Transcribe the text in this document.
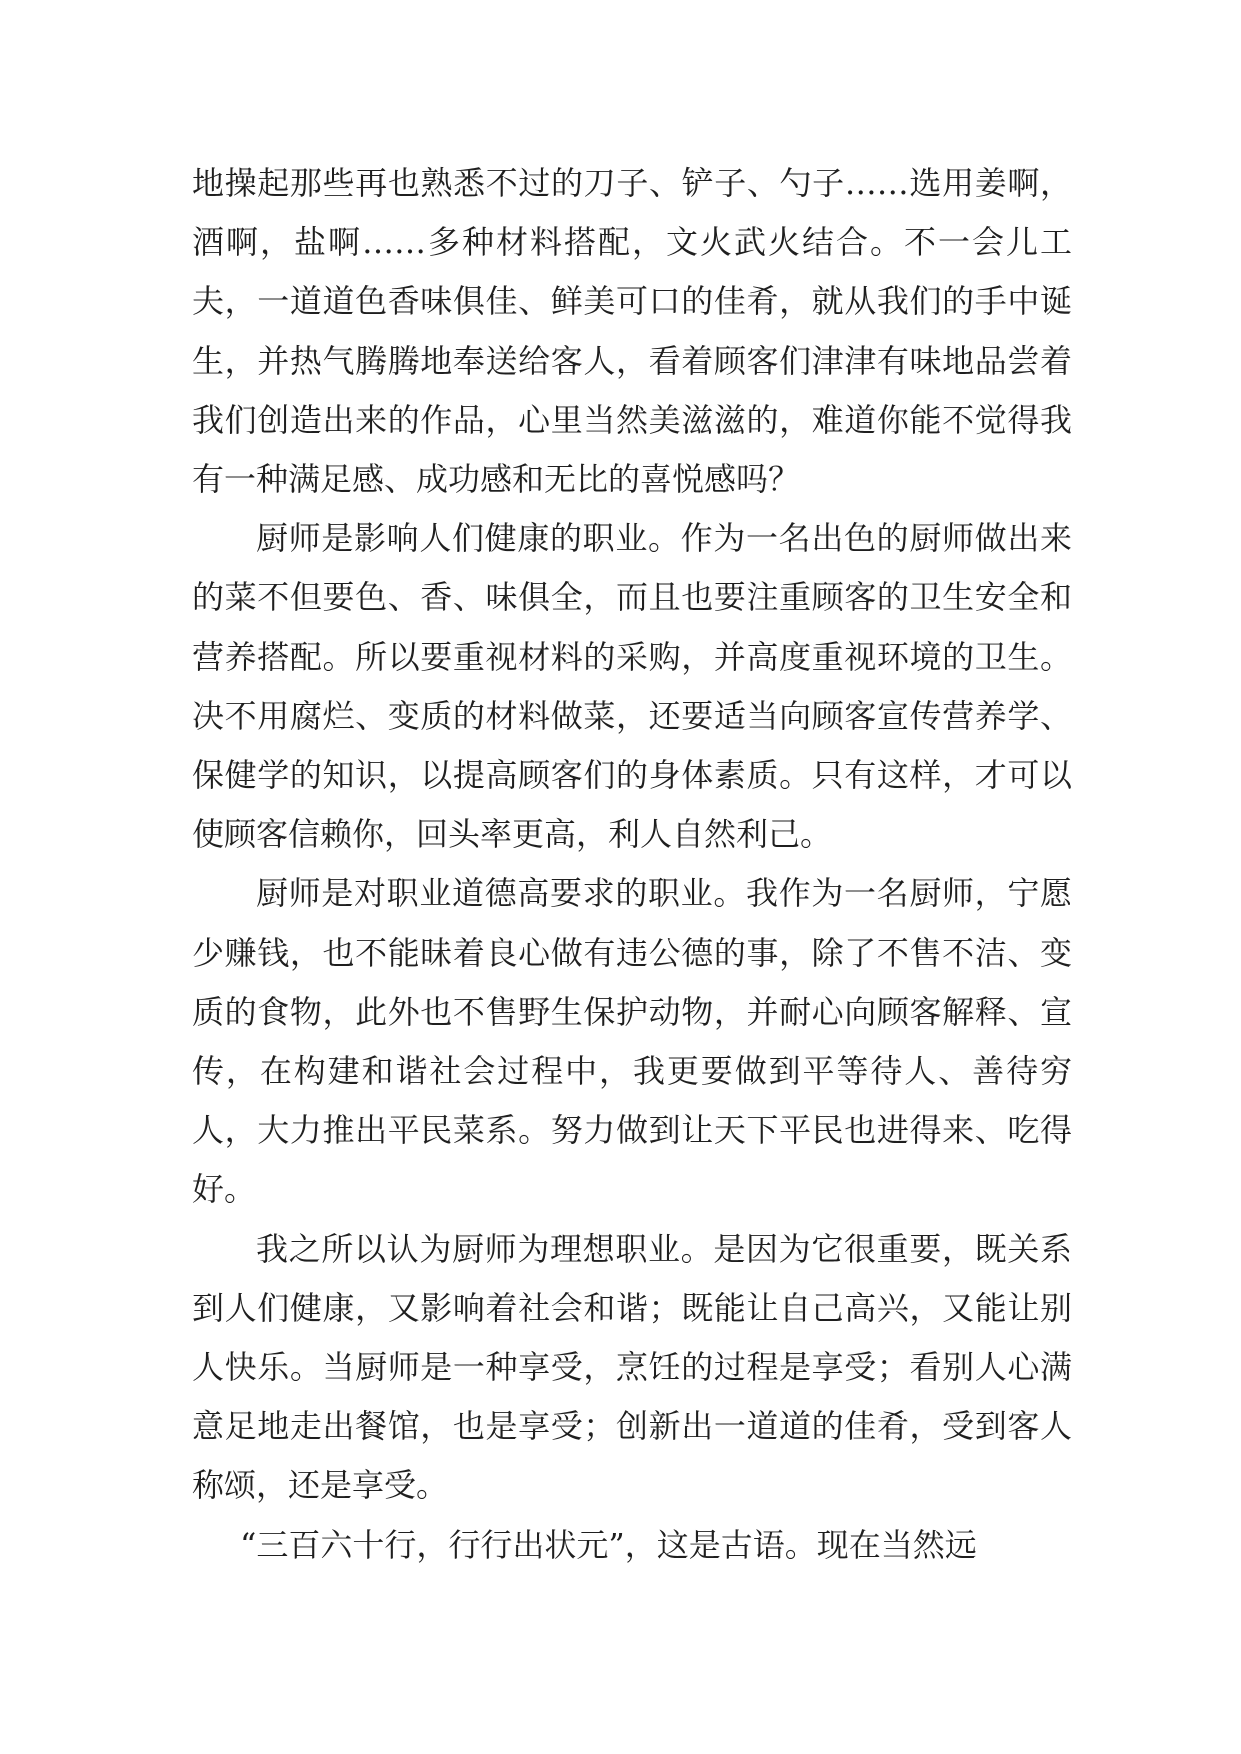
地操起那些再也熟悉不过的刀子、铲子、勺子……选用姜啊，酒啊，盐啊……多种材料搭配，文火武火结合。不一会儿工夫，一道道色香味俱佳、鲜美可口的佳肴，就从我们的手中诞生，并热气腾腾地奉送给客人，看着顾客们津津有味地品尝着我们创造出来的作品，心里当然美滋滋的，难道你能不觉得我有一种满足感、成功感和无比的喜悦感吗？

厨师是影响人们健康的职业。作为一名出色的厨师做出来的菜不但要色、香、味俱全，而且也要注重顾客的卫生安全和营养搭配。所以要重视材料的采购，并高度重视环境的卫生。决不用腐烂、变质的材料做菜，还要适当向顾客宣传营养学、保健学的知识，以提高顾客们的身体素质。只有这样，才可以使顾客信赖你，回头率更高，利人自然利己。

厨师是对职业道德高要求的职业。我作为一名厨师，宁愿少赚钱，也不能昧着良心做有违公德的事，除了不售不洁、变质的食物，此外也不售野生保护动物，并耐心向顾客解释、宣传，在构建和谐社会过程中，我更要做到平等待人、善待穷人，大力推出平民菜系。努力做到让天下平民也进得来、吃得好。

我之所以认为厨师为理想职业。是因为它很重要，既关系到人们健康，又影响着社会和谐；既能让自己高兴，又能让别人快乐。当厨师是一种享受，烹饪的过程是享受；看别人心满意足地走出餐馆，也是享受；创新出一道道的佳肴，受到客人称颂，还是享受。

“三百六十行，行行出状元”，这是古语。现在当然远
